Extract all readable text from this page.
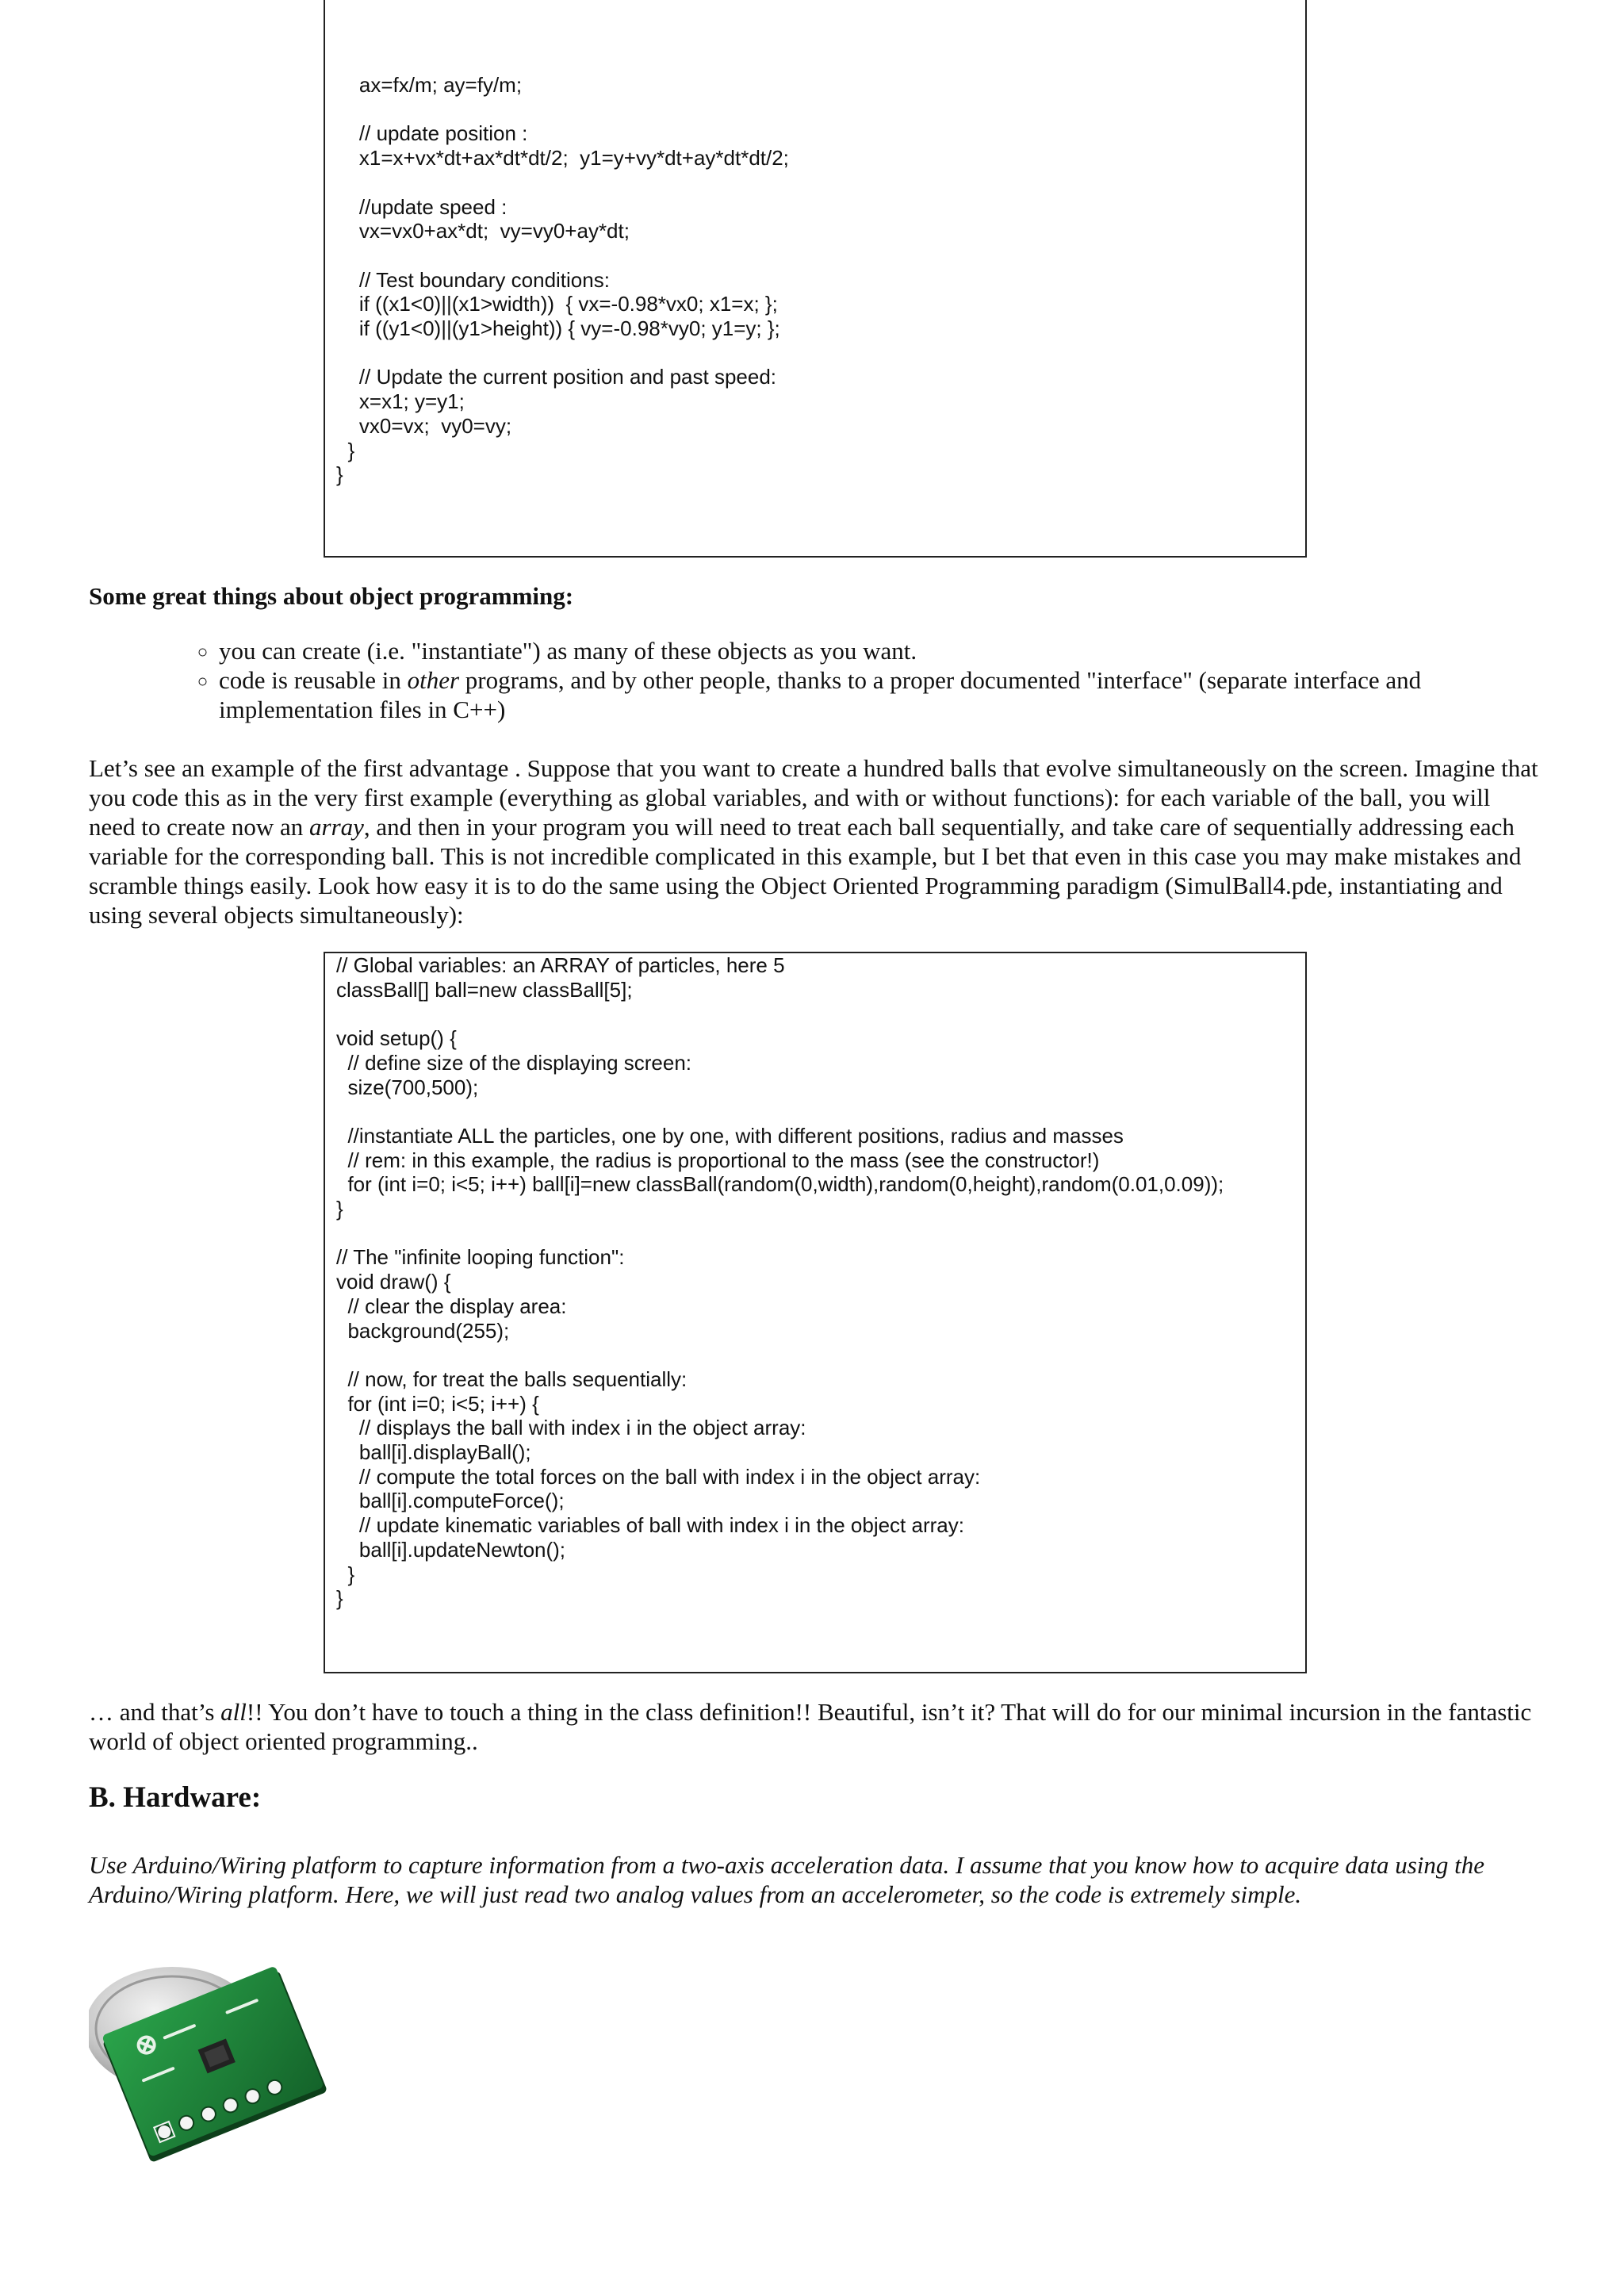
ax=fx/m; ay=fy/m;

// update position :
x1=x+vx*dt+ax*dt*dt/2;  y1=y+vy*dt+ay*dt*dt/2;

//update speed :
vx=vx0+ax*dt;  vy=vy0+ay*dt;

// Test boundary conditions:
if ((x1<0)||(x1>width))  { vx=-0.98*vx0; x1=x; };
if ((y1<0)||(y1>height)) { vy=-0.98*vy0; y1=y; };

// Update the current position and past speed:
x=x1; y=y1;
vx0=vx;  vy0=vy;
}
}

Some great things about object programming:

◦ you can create (i.e. "instantiate") as many of these objects as you want.
◦ code is reusable in other programs, and by other people, thanks to a proper documented "interface" (separate interface and implementation files in C++)

Let’s see an example of the first advantage . Suppose that you want to create a hundred balls that evolve simultaneously on the screen. Imagine that you code this as in the very first example (everything as global variables, and with or without functions): for each variable of the ball, you will need to create now an array, and then in your program you will need to treat each ball sequentially, and take care of sequentially addressing each variable for the corresponding ball. This is not incredible complicated in this example, but I bet that even in this case you may make mistakes and scramble things easily. Look how easy it is to do the same using the Object Oriented Programming paradigm (SimulBall4.pde, instantiating and using several objects simultaneously):

// Global variables: an ARRAY of particles, here 5
classBall[] ball=new classBall[5];

void setup() {
// define size of the displaying screen:
size(700,500);

//instantiate ALL the particles, one by one, with different positions, radius and masses
// rem: in this example, the radius is proportional to the mass (see the constructor!)
for (int i=0; i<5; i++) ball[i]=new classBall(random(0,width),random(0,height),random(0.01,0.09));
}

// The "infinite looping function":
void draw() {
// clear the display area:
background(255);

// now, for treat the balls sequentially:
for (int i=0; i<5; i++) {
// displays the ball with index i in the object array:
ball[i].displayBall();
// compute the total forces on the ball with index i in the object array:
ball[i].computeForce();
// update kinematic variables of ball with index i in the object array:
ball[i].updateNewton();
}
}

… and that’s all!! You don’t have to touch a thing in the class definition!! Beautiful, isn’t it? That will do for our minimal incursion in the fantastic world of object oriented programming..

B. Hardware:

Use Arduino/Wiring platform to capture information from a two-axis acceleration data. I assume that you know how to acquire data using the Arduino/Wiring platform. Here, we will just read two analog values from an accelerometer, so the code is extremely simple.
